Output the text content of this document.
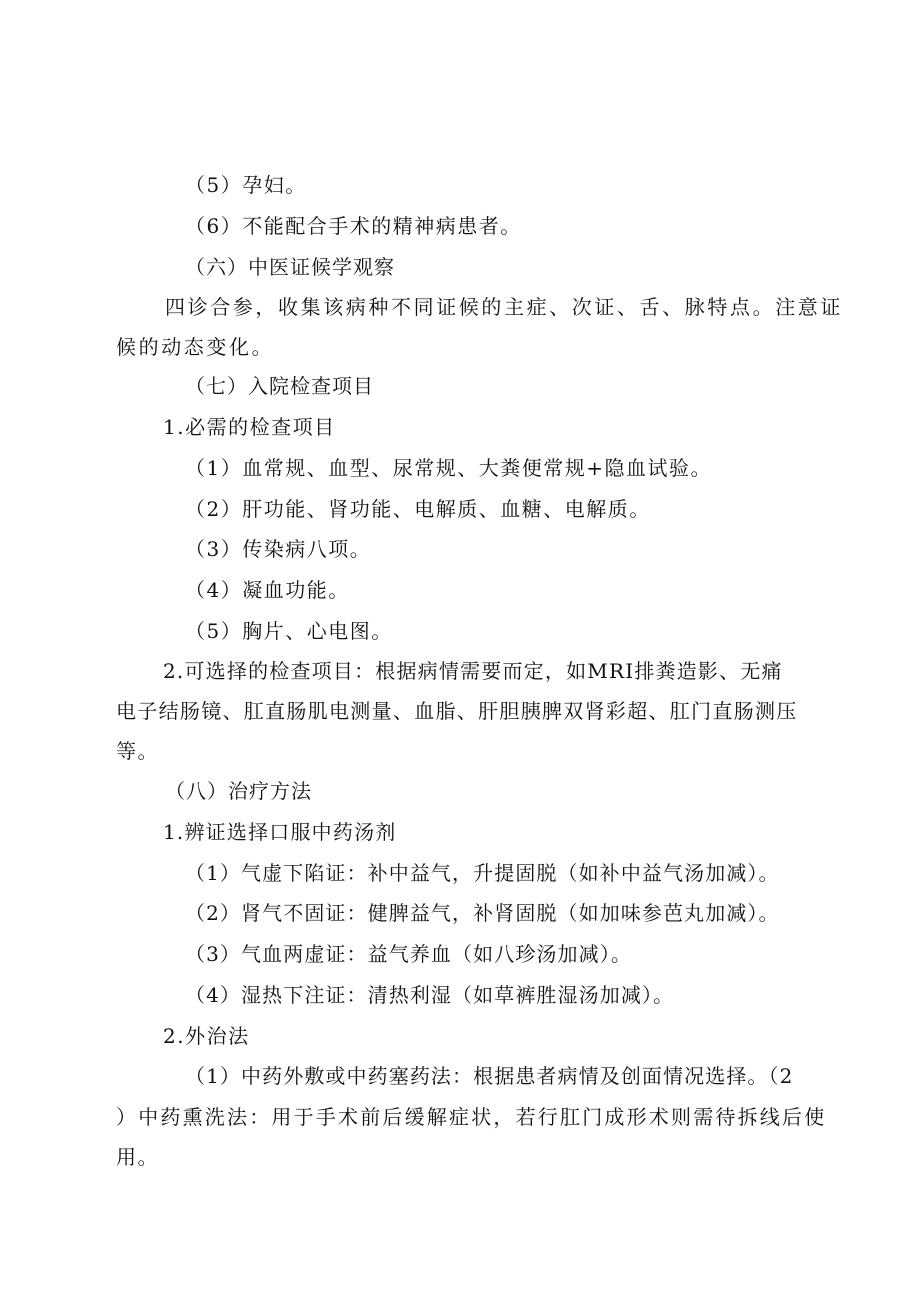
（5）孕妇。
（6）不能配合手术的精神病患者。
（六）中医证候学观察
四诊合参，收集该病种不同证候的主症、次证、舌、脉特点。注意证
候的动态变化。
（七）入院检查项目
1.必需的检查项目
（1）血常规、血型、尿常规、大粪便常规+隐血试验。
（2）肝功能、肾功能、电解质、血糖、电解质。
（3）传染病八项。
（4）凝血功能。
（5）胸片、心电图。
2.可选择的检查项目：根据病情需要而定，如MRI排粪造影、无痛
电子结肠镜、肛直肠肌电测量、血脂、肝胆胰脾双肾彩超、肛门直肠测压
等。
（八）治疗方法
1.辨证选择口服中药汤剂
（1）气虚下陷证：补中益气，升提固脱（如补中益气汤加减）。
（2）肾气不固证：健脾益气，补肾固脱（如加味参芭丸加减）。
（3）气血两虚证：益气养血（如八珍汤加减）。
（4）湿热下注证：清热利湿（如草裤胜湿汤加减）。
2.外治法
（1）中药外敷或中药塞药法：根据患者病情及创面情况选择。（2
）中药熏洗法：用于手术前后缓解症状，若行肛门成形术则需待拆线后使
用。
